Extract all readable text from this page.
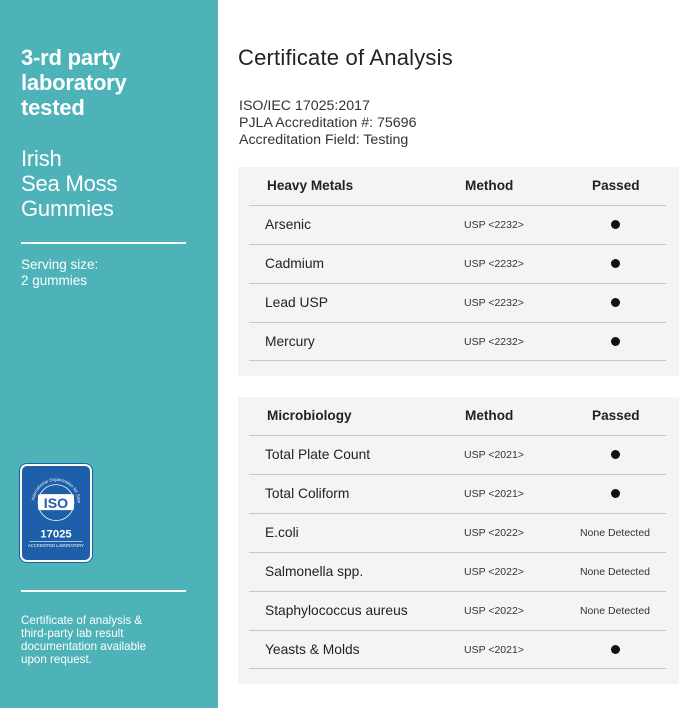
3-rd party
laboratory
tested
Irish
Sea Moss
Gummies
Serving size:
2 gummies
International Organization for Stan
ISO
17025
ACCREDITED LABORATORY
Certificate of analysis &
third-party lab result
documentation available
upon request.
Certificate of Analysis
ISO/IEC 17025:2017
PJLA Accreditation #: 75696
Accreditation Field: Testing
Heavy Metals	Method	Passed
Arsenic	USP <2232>
Cadmium	USP <2232>
Lead USP	USP <2232>
Mercury	USP <2232>
Microbiology	Method	Passed
Total Plate Count	USP <2021>
Total Coliform	USP <2021>
E.coli	USP <2022>	None Detected
Salmonella spp.	USP <2022>	None Detected
Staphylococcus aureus	USP <2022>	None Detected
Yeasts & Molds	USP <2021>
